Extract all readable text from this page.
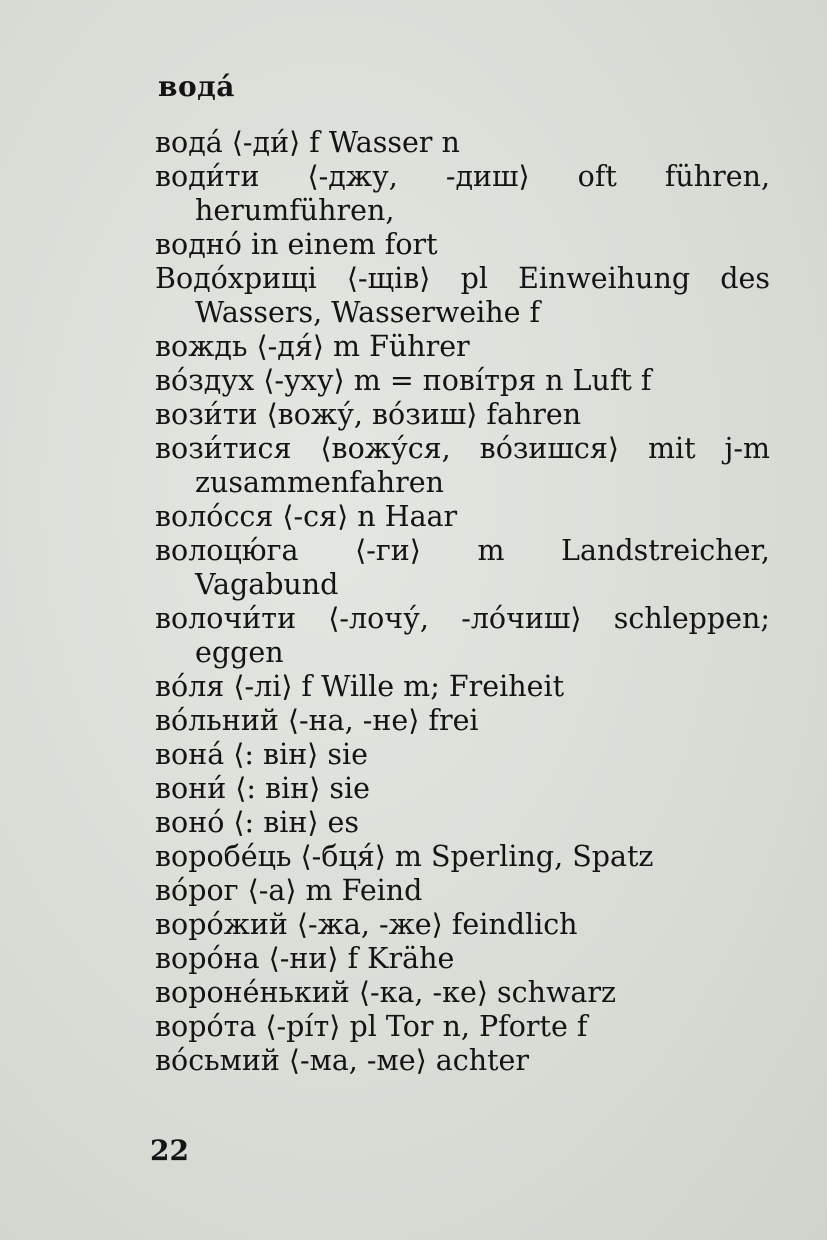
водá
водá ⟨-ди́⟩ f Wasser n
води́ти ⟨-джу, -диш⟩ oft führen, herumführen,
воднó in einem fort
Водóхрищі ⟨-щів⟩ pl Einweihung des Wassers, Wasserweihe f
вождь ⟨-дя́⟩ m Führer
вóздух ⟨-уху⟩ m = повíтря n Luft f
вози́ти ⟨вожу́, вóзиш⟩ fahren
вози́тися ⟨вожу́ся, вóзишся⟩ mit j-m zusammenfahren
волóсся ⟨-ся⟩ n Haar
волоцю́га ⟨-ги⟩ m Landstreicher, Vagabund
волочи́ти ⟨-лочу́, -лóчиш⟩ schleppen; eggen
вóля ⟨-лі⟩ f Wille m; Freiheit
вóльний ⟨-на, -не⟩ frei
вонá ⟨: він⟩ sie
вони́ ⟨: він⟩ sie
вонó ⟨: він⟩ es
воробéць ⟨-бця́⟩ m Sperling, Spatz
вóрог ⟨-а⟩ m Feind
ворóжий ⟨-жа, -же⟩ feindlich
ворóна ⟨-ни⟩ f Krähe
воронéнький ⟨-ка, -ке⟩ schwarz
ворóта ⟨-рíт⟩ pl Tor n, Pforte f
вóсьмий ⟨-ма, -ме⟩ achter
22
